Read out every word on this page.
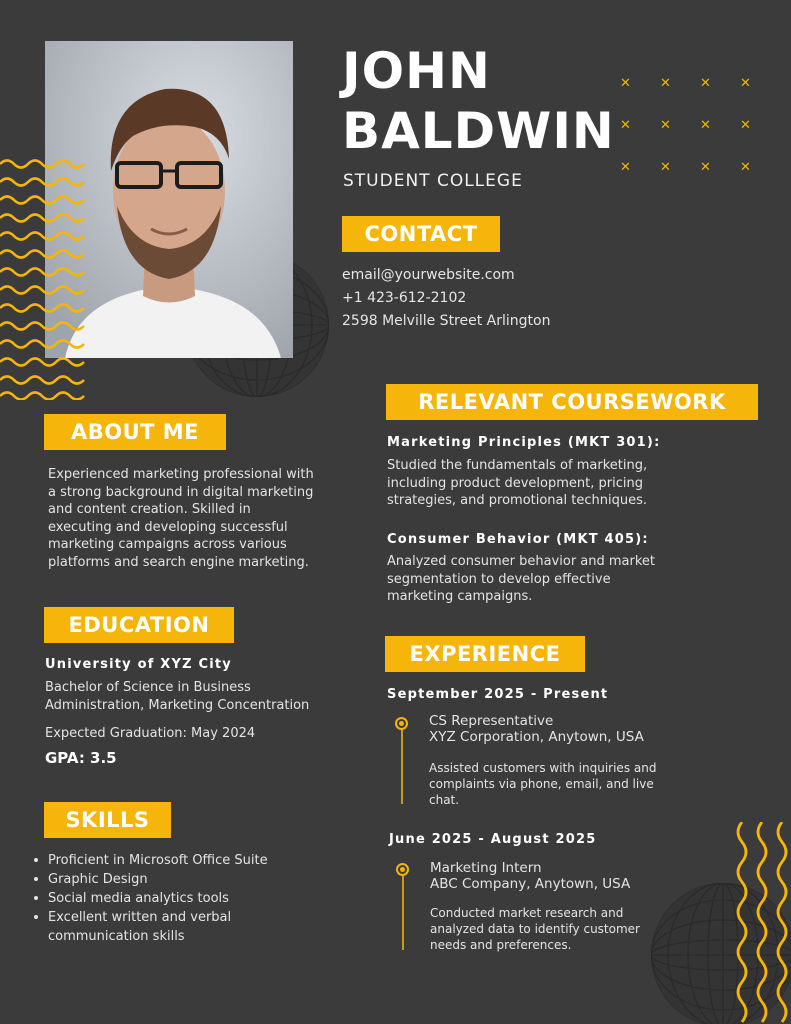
✕ ✕ ✕ ✕
✕ ✕ ✕ ✕
✕ ✕ ✕ ✕
JOHN
BALDWIN
STUDENT COLLEGE
CONTACT
email@yourwebsite.com
+1 423-612-2102
2598 Melville Street Arlington
ABOUT ME
Experienced marketing professional with a strong background in digital marketing and content creation. Skilled in executing and developing successful marketing campaigns across various platforms and search engine marketing.
EDUCATION
University of XYZ City
Bachelor of Science in Business Administration, Marketing Concentration
Expected Graduation: May 2024
GPA: 3.5
SKILLS
Proficient in Microsoft Office Suite
Graphic Design
Social media analytics tools
Excellent written and verbal communication skills
RELEVANT COURSEWORK
Marketing Principles (MKT 301):
Studied the fundamentals of marketing, including product development, pricing strategies, and promotional techniques.
Consumer Behavior (MKT 405):
Analyzed consumer behavior and market segmentation to develop effective marketing campaigns.
EXPERIENCE
September 2025 - Present
CS Representative
XYZ Corporation, Anytown, USA
Assisted customers with inquiries and complaints via phone, email, and live chat.
June 2025 - August 2025
Marketing Intern
ABC Company, Anytown, USA
Conducted market research and analyzed data to identify customer needs and preferences.
